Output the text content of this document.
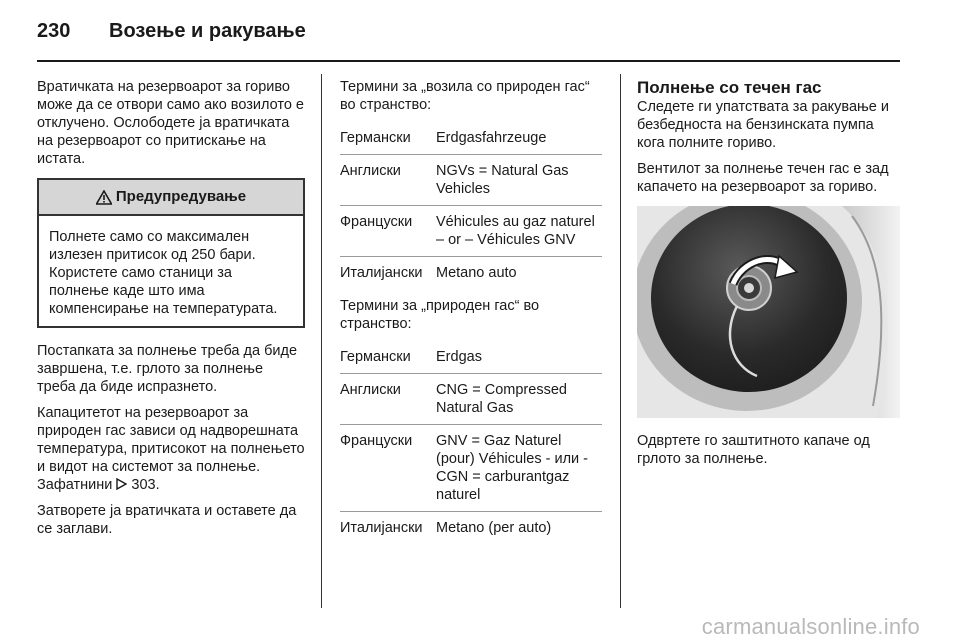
230 Возење и ракување

Вратичката на резервоарот за гориво може да се отвори само ако возилото е отклучено. Ослободете ја вратичката на резервоарот со притискање на истата.

Предупредување
Полнете само со максимален излезен притисок од 250 бари. Користете само станици за полнење каде што има компенсирање на температурата.

Постапката за полнење треба да биде завршена, т.е. грлото за полнење треба да биде испразнето.

Капацитетот на резервоарот за природен гас зависи од надворешната температура, притисокот на полнењето и видот на системот за полнење.
Зафатнини  303.

Затворете ја вратичката и оставете да се заглави.

Термини за „возила со природен гас“ во странство:

Германски	Erdgasfahrzeuge
Англиски	NGVs = Natural Gas Vehicles
Француски	Véhicules au gaz naturel – or – Véhicules GNV
Италијански Metano auto

Термини за „природен гас“ во странство:

Германски	Erdgas
Англиски	CNG = Compressed Natural Gas
Француски	GNV = Gaz Naturel (pour) Véhicules - или - CGN = carburantgaz naturel
Италијански Metano (per auto)
Полнење со течен гас

Следете ги упатствата за ракување и безбедноста на бензинската пумпа кога полните гориво.

Вентилот за полнење течен гас е зад капачето на резервоарот за гориво.

Одвртете го заштитното капаче од грлото за полнење.

carmanualsonline.info
